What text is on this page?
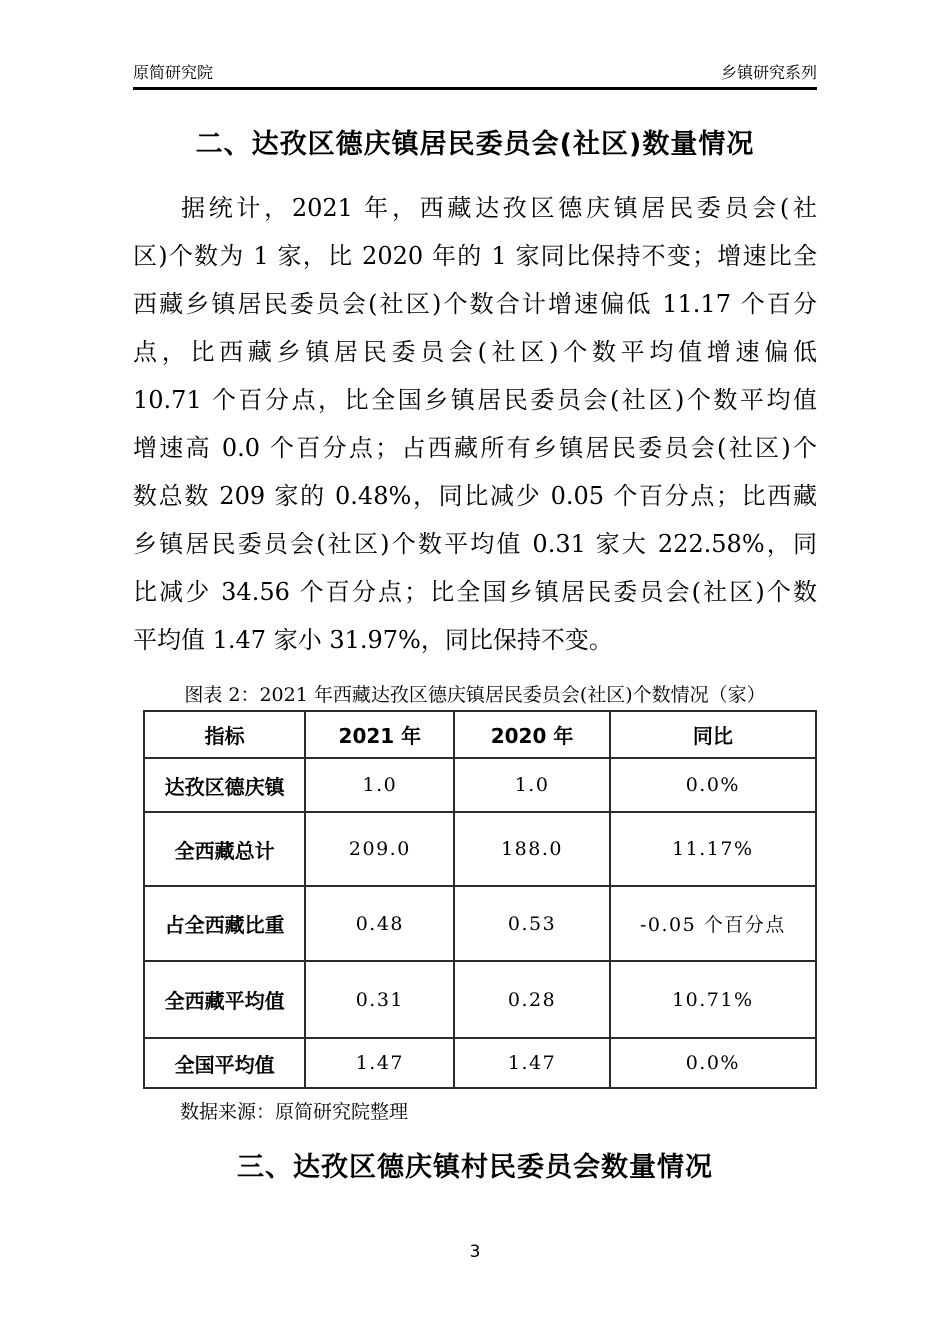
原简研究院	乡镇研究系列
二、达孜区德庆镇居民委员会(社区)数量情况
据统计，2021 年，西藏达孜区德庆镇居民委员会(社
区)个数为 1 家，比 2020 年的 1 家同比保持不变；增速比全
西藏乡镇居民委员会(社区)个数合计增速偏低 11.17 个百分
点，比西藏乡镇居民委员会(社区)个数平均值增速偏低
10.71 个百分点，比全国乡镇居民委员会(社区)个数平均值
增速高 0.0 个百分点；占西藏所有乡镇居民委员会(社区)个
数总数 209 家的 0.48%，同比减少 0.05 个百分点；比西藏
乡镇居民委员会(社区)个数平均值 0.31 家大 222.58%，同
比减少 34.56 个百分点；比全国乡镇居民委员会(社区)个数
平均值 1.47 家小 31.97%，同比保持不变。
图表 2：2021 年西藏达孜区德庆镇居民委员会(社区)个数情况（家）
指标	2021 年	2020 年	同比
达孜区德庆镇	1.0	1.0	0.0%
全西藏总计	209.0	188.0	11.17%
占全西藏比重	0.48	0.53	-0.05 个百分点
全西藏平均值	0.31	0.28	10.71%
全国平均值	1.47	1.47	0.0%
数据来源：原简研究院整理
三、达孜区德庆镇村民委员会数量情况
3
